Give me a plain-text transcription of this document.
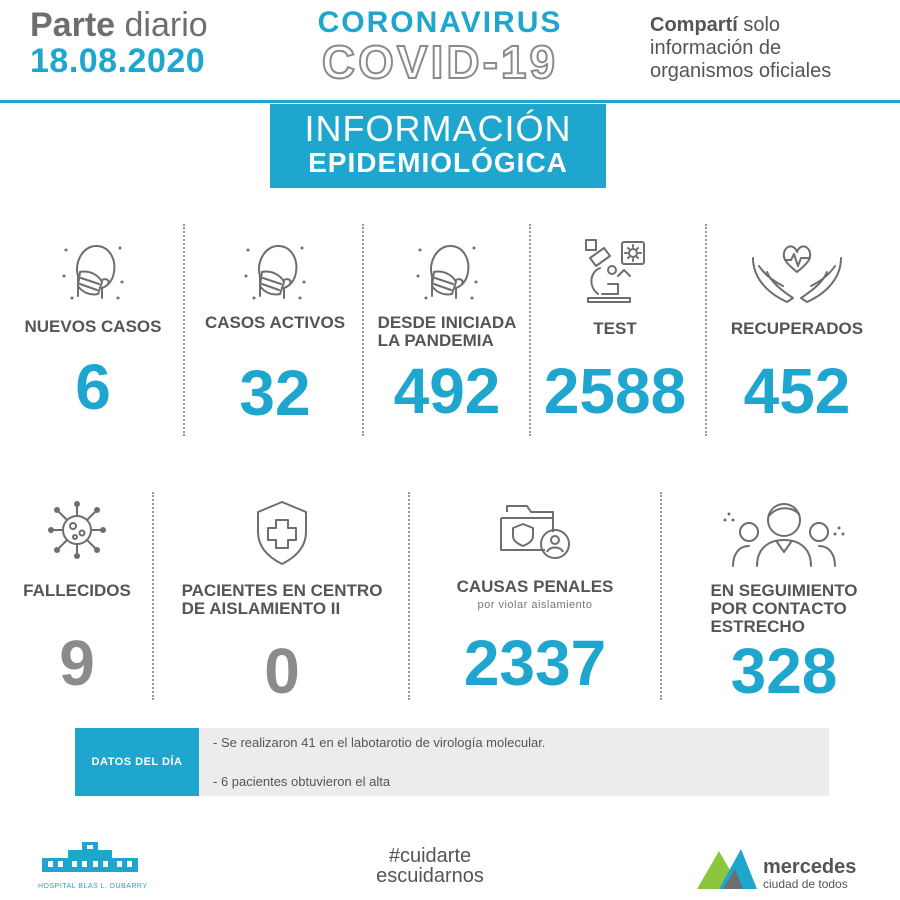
Parte diario
18.08.2020
CORONAVIRUS
COVID-19
Compartí solo
información de
organismos oficiales
INFORMACIÓN
EPIDEMIOLÓGICA
NUEVOS CASOS
6
CASOS ACTIVOS
32
DESDE INICIADA
LA PANDEMIA
492
TEST
2588
RECUPERADOS
452
FALLECIDOS
9
PACIENTES EN CENTRO
DE AISLAMIENTO II
0
CAUSAS PENALES
por violar aislamiento
2337
EN SEGUIMIENTO
POR CONTACTO
ESTRECHO
328
DATOS DEL DÍA
- Se realizaron 41 en el labotarotio de virología molecular.
- 6 pacientes obtuvieron el alta
HOSPITAL BLAS L. DUBARRY
#cuidarte
escuidarnos	mercedes
ciudad de todos
